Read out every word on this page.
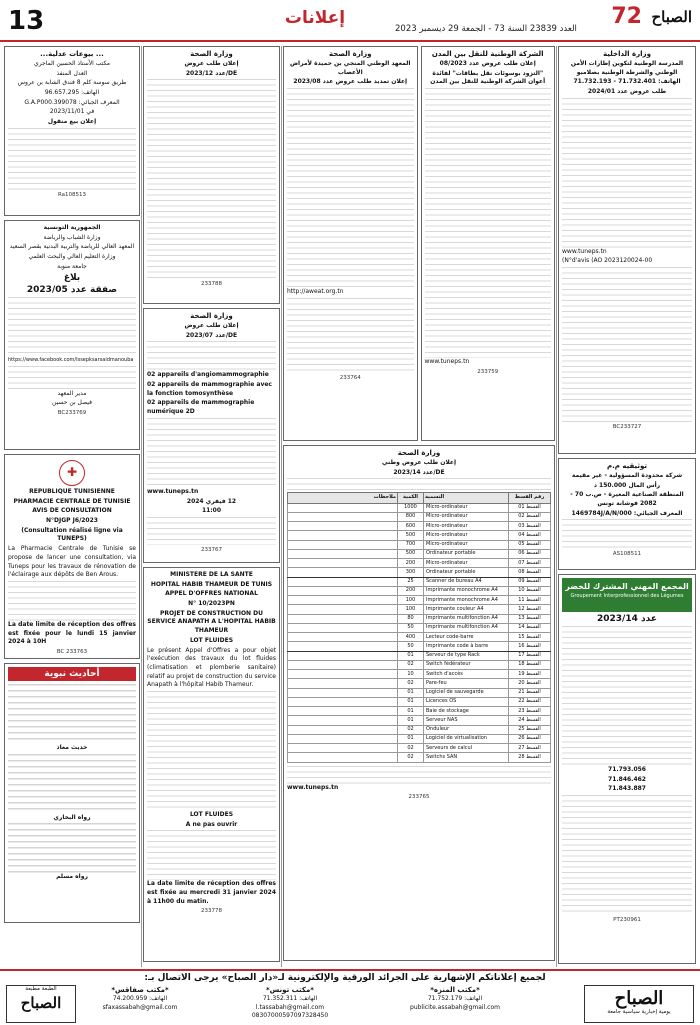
13	إعلانات
العدد 23839 السنة 73 - الجمعة 29 ديسمبر 2023 72 الصباح
... بيوعات عدلية...

مكتب الأستاذ الحسين الماجري

العدل المنفذ

طريق سوسة كلم 8 فندق الشابة بن عروس

الهاتف: 96.657.295

المعرف الجبائي: G.A.P000.399078

في 2023/11/01

إعلان بيع منقول

Ra108513

الجمهورية التونسية

وزارة الشباب والرياضة

المعهد العالي للرياضة والتربية البدنية بقصر السعيد

وزارة التعليم العالي والبحث العلمي

جامعة منوبة

بلاغ
صفقة عدد 2023/05

https://www.facebook.com/Issepksarsaidmanouba

مدير المعهد

فيصل بن حسين

BC233769
✚

REPUBLIQUE TUNISIENNE

PHARMACIE CENTRALE DE TUNISIE

AVIS DE CONSULTATION

N°DJGP J6/2023

(Consultation réalisé ligne via TUNEPS)

La Pharmacie Centrale de Tunisie se propose de lancer une consultation, via Tuneps pour les travaux de rénovation de l'éclairage aux dépôts de Ben Arous.

La date limite de réception des offres est fixée pour le lundi 15 janvier 2024 à 10H

BC 233763
أحاديث نبوية

حديث معاذ

رواه البخاري

رواه مسلم

وزارة الصحة

إعلان طلب عروض

عدد 2023/12/DE

233788
وزارة الصحة

إعلان طلب عروض

عدد 2023/07/DE

02 appareils d'angiomammographie

02 appareils de mammographie avec la fonction tomosynthèse

02 appareils de mammographie numérique 2D

www.tuneps.tn

12 فيفري 2024

11:00

233767

MINISTERE DE LA SANTE

HOPITAL HABIB THAMEUR DE TUNIS

APPEL D'OFFRES NATIONAL

N° 10/2023PN

PROJET DE CONSTRUCTION DU SERVICE ANAPATH A L'HOPITAL HABIB THAMEUR

LOT FLUIDES

Le présent Appel d'Offres a pour objet l'exécution des travaux du lot fluides (climatisation et plomberie sanitaire) relatif au projet de construction du service Anapath à l'hôpital Habib Thameur.

LOT FLUIDES

A ne pas ouvrir

La date limite de réception des offres est fixée au mercredi 31 janvier 2024 à 11h00 du matin.

233778
الشركة الوطنية للنقل بين المدن

إعلان طلب عروض عدد 08/2023

"التزود بوسوئات نقل بطاقات" لفائدة أعوان الشركة الوطنية للنقل بين المدن

www.tuneps.tn

233759
وزارة الصحة

المعهد الوطني المنجي بن حميدة لأمراض الأعصاب

إعلان تمديد طلب عروض عدد 2023/08

http://aweat.org.tn

233764
وزارة الصحة

إعلان طلب عروض وطني

عدد 2023/14/DE

رقم القسط	التسمية	الكمية	ملاحظات
القسط 01	Micro-ordinateur	1000	
القسط 02	Micro-ordinateur	800	
القسط 03	Micro-ordinateur	600	
القسط 04	Micro-ordinateur	500	
القسط 05	Micro-ordinateur	700	
القسط 06	Ordinateur portable	500	
القسط 07	Micro-ordinateur	200	
القسط 08	Ordinateur portable	300	
القسط 09	Scanner de bureau A4	25	
القسط 10	Imprimante monochrome A4	200	
القسط 11	Imprimante monochrome A4	100	
القسط 12	Imprimante couleur A4	100	
القسط 13	Imprimante multifonction A4	80	
القسط 14	Imprimante multifonction A4	50	
القسط 15	Lecteur code-barre	400	
القسط 16	Imprimante code à barre	50	
القسط 17	Serveur de type Rack	01	
القسط 18	Switch fédérateur	02	
القسط 19	Switch d'accès	10	
القسط 20	Pare-feu	02	
القسط 21	Logiciel de sauvegarde	01	
القسط 22	Licences OS	01	
القسط 23	Baie de stockage	01	
القسط 24	Serveur NAS	01	
القسط 25	Onduleur	02	
القسط 26	Logiciel de virtualisation	01	
القسط 27	Serveurs de calcul	02	
القسط 28	Switchs SAN	02	

www.tuneps.tn

233765
وزارة الداخلية

المدرسة الوطنية لتكوين إطارات الأمن الوطني والشرطة الوطنية بصلامبو

الهاتف: 71.732.401 - 71.732.193

طلب عروض عدد 2024/01

www.tuneps.tn

(N°d'avis (AO 2023120024-00

BC233727
توثيقيه م.م

شركة محدودة المسؤولية - غير مقيمة

رأس المال 150.000 د

المنطقة الصناعية المغيرة - ص.ب 70 - 2082 فوشانة تونس

المعرف الجبائي: 1469784J/A/N/000

AS108511
المجمع المهني المشترك للخضر
Groupement Interprofessionnel des Légumes
عدد 2023/14

71.793.056

71.846.462

71.843.887

PT230961
لجميع إعلاناتكم الإشهارية على الجرائد الورقية والإلكترونية لـ«دار الصباح» يرجى الاتصال بـ:
الطبعة مطبعة
الصباح
*مكتب صفاقس*
الهاتف: 74.200.959
sfaxassabah@gmail.com
*مكتب تونس*
الهاتف: 71.352.311
l.tassabah@gmail.com
08307000597097328450
*مكتب المنزه*
الهاتف: 71.752.179
publicite.assabah@gmail.com	الصباح
يومية إخبارية سياسية جامعة
